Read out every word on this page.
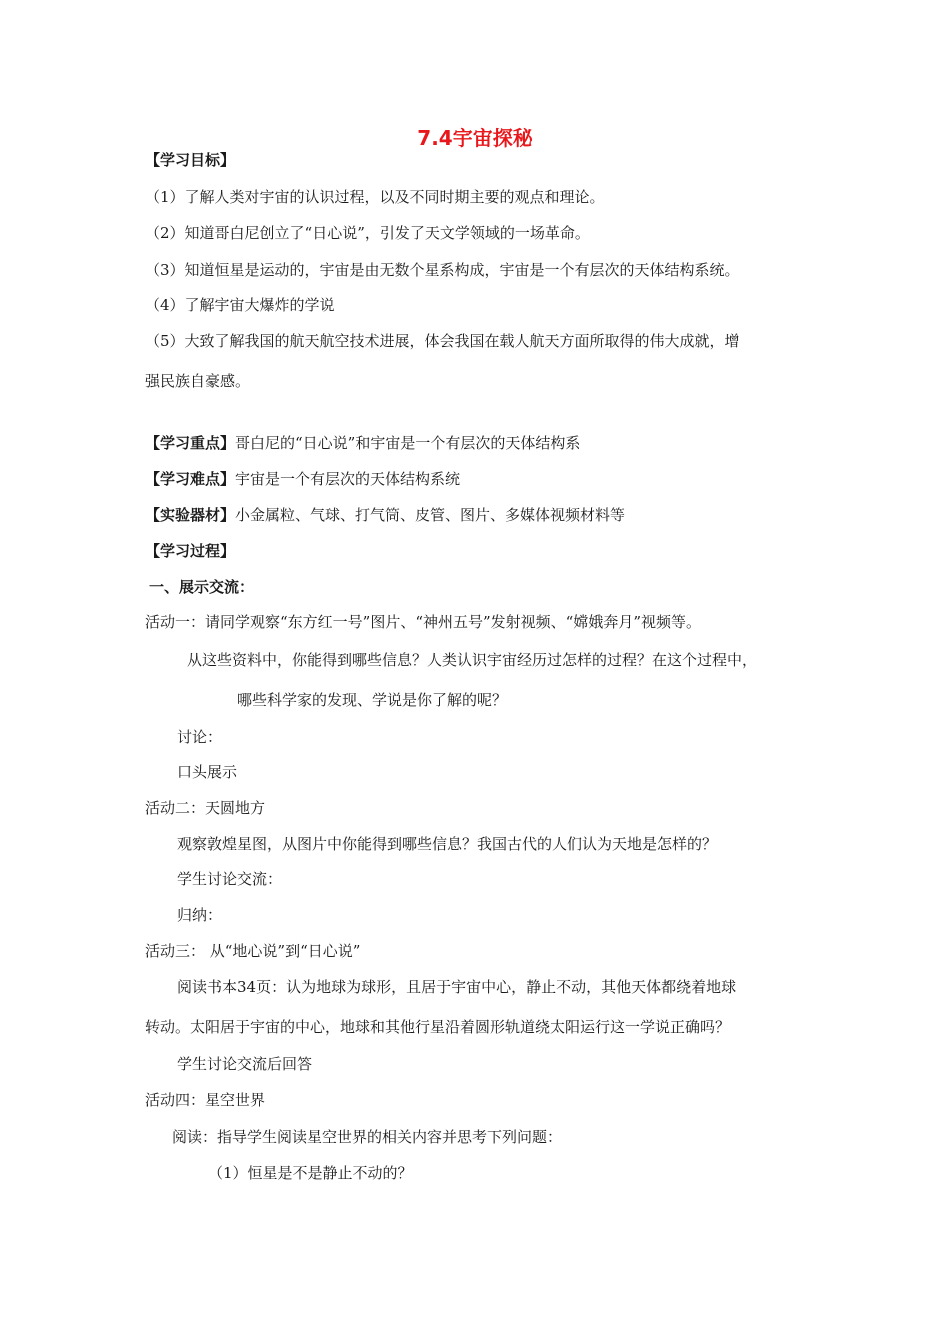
7.4宇宙探秘
【学习目标】
（1）了解人类对宇宙的认识过程，以及不同时期主要的观点和理论。
（2）知道哥白尼创立了“日心说”，引发了天文学领域的一场革命。
（3）知道恒星是运动的，宇宙是由无数个星系构成，宇宙是一个有层次的天体结构系统。
（4）了解宇宙大爆炸的学说
（5）大致了解我国的航天航空技术进展，体会我国在载人航天方面所取得的伟大成就，增
强民族自豪感。
【学习重点】哥白尼的“日心说”和宇宙是一个有层次的天体结构系
【学习难点】宇宙是一个有层次的天体结构系统
【实验器材】小金属粒、气球、打气筒、皮管、图片、多媒体视频材料等
【学习过程】
一、展示交流：
活动一：请同学观察“东方红一号”图片、“神州五号”发射视频、“嫦娥奔月”视频等。
从这些资料中，你能得到哪些信息？人类认识宇宙经历过怎样的过程？在这个过程中，
哪些科学家的发现、学说是你了解的呢？
讨论：
口头展示
活动二：天圆地方
观察敦煌星图，从图片中你能得到哪些信息？我国古代的人们认为天地是怎样的？
学生讨论交流：
归纳：
活动三： 从“地心说”到“日心说”
阅读书本34页：认为地球为球形，且居于宇宙中心，静止不动，其他天体都绕着地球
转动。太阳居于宇宙的中心，地球和其他行星沿着圆形轨道绕太阳运行这一学说正确吗？
学生讨论交流后回答
活动四：星空世界
阅读：指导学生阅读星空世界的相关内容并思考下列问题：
（1）恒星是不是静止不动的？
